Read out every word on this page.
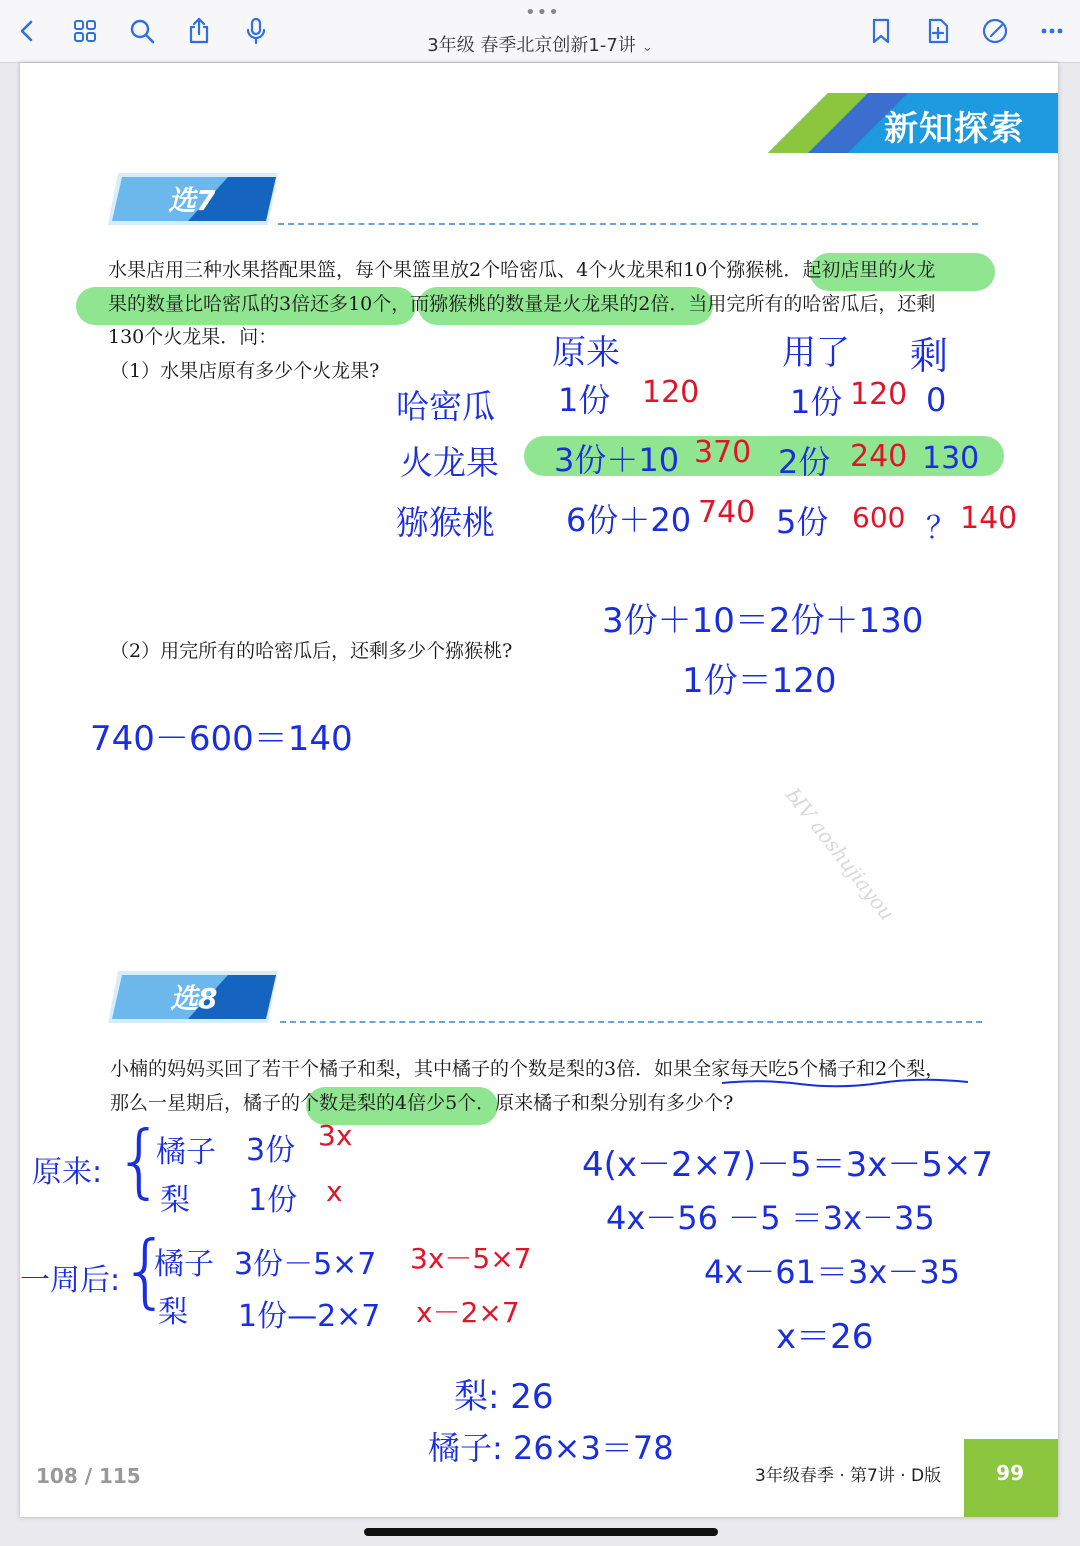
•••
3年级 春季北京创新1-7讲 ⌄
新知探索
选7
水果店用三种水果搭配果篮，每个果篮里放2个哈密瓜、4个火龙果和10个猕猴桃．起初店里的火龙
果的数量比哈密瓜的3倍还多10个，而猕猴桃的数量是火龙果的2倍．当用完所有的哈密瓜后，还剩
130个火龙果．问：
（1）水果店原有多少个火龙果?	原来	用了 剩
哈密瓜 1份 120	1份 120 0
火龙果 3份＋10 370 2份 240 130
猕猴桃 6份＋20 740 5份 600 ？ 140
3份＋10＝2份＋130
1份＝120
（2）用完所有的哈密瓜后，还剩多少个猕猴桃?
740－600＝140
ЫV aoshujiayou
选8
小楠的妈妈买回了若干个橘子和梨，其中橘子的个数是梨的3倍．如果全家每天吃5个橘子和2个梨，
那么一星期后，橘子的个数是梨的4倍少5个．原来橘子和梨分别有多少个?
原来: {
橘子 3份 3x
梨 1份 x
一周后: {
橘子 3份－5×7 3x－5×7
梨 1份—2×7 x－2×7
4(x－2×7)－5＝3x－5×7
4x－56 －5 ＝3x－35
4x－61＝3x－35
x＝26
梨: 26
橘子: 26×3＝78
3年级春季 · 第7讲 · D版	99
108 / 115
